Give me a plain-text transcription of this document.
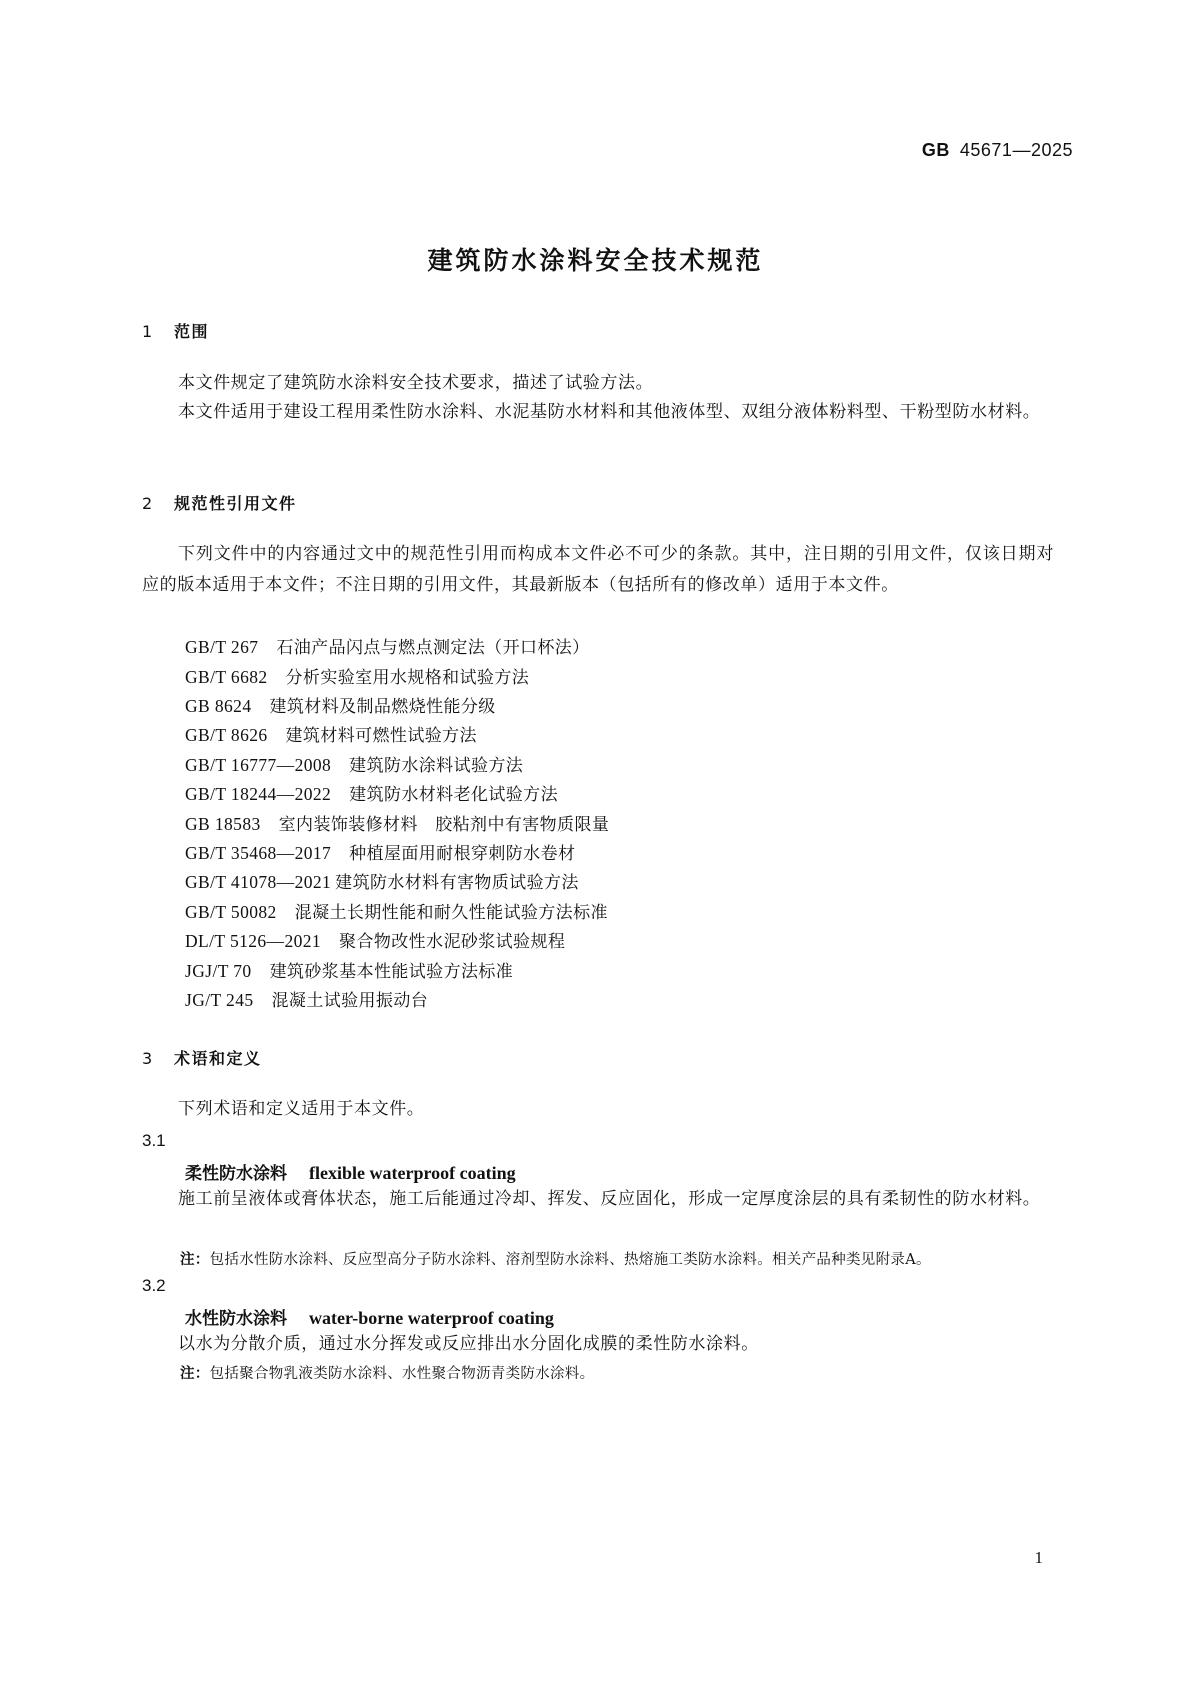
GB 45671—2025
建筑防水涂料安全技术规范
1 范围
本文件规定了建筑防水涂料安全技术要求，描述了试验方法。
本文件适用于建设工程用柔性防水涂料、水泥基防水材料和其他液体型、双组分液体粉料型、干粉型防水材料。
2 规范性引用文件
下列文件中的内容通过文中的规范性引用而构成本文件必不可少的条款。其中，注日期的引用文件，仅该日期对应的版本适用于本文件；不注日期的引用文件，其最新版本（包括所有的修改单）适用于本文件。
GB/T 267 石油产品闪点与燃点测定法（开口杯法）
GB/T 6682 分析实验室用水规格和试验方法
GB 8624 建筑材料及制品燃烧性能分级
GB/T 8626 建筑材料可燃性试验方法
GB/T 16777—2008 建筑防水涂料试验方法
GB/T 18244—2022 建筑防水材料老化试验方法
GB 18583 室内装饰装修材料　胶粘剂中有害物质限量
GB/T 35468—2017 种植屋面用耐根穿刺防水卷材
GB/T 41078—2021 建筑防水材料有害物质试验方法
GB/T 50082 混凝土长期性能和耐久性能试验方法标准
DL/T 5126—2021 聚合物改性水泥砂浆试验规程
JGJ/T 70 建筑砂浆基本性能试验方法标准
JG/T 245 混凝土试验用振动台
3 术语和定义
下列术语和定义适用于本文件。
3.1
柔性防水涂料 flexible waterproof coating
施工前呈液体或膏体状态，施工后能通过冷却、挥发、反应固化，形成一定厚度涂层的具有柔韧性的防水材料。
注：包括水性防水涂料、反应型高分子防水涂料、溶剂型防水涂料、热熔施工类防水涂料。相关产品种类见附录A。
3.2
水性防水涂料 water-borne waterproof coating
以水为分散介质，通过水分挥发或反应排出水分固化成膜的柔性防水涂料。
注：包括聚合物乳液类防水涂料、水性聚合物沥青类防水涂料。
1
